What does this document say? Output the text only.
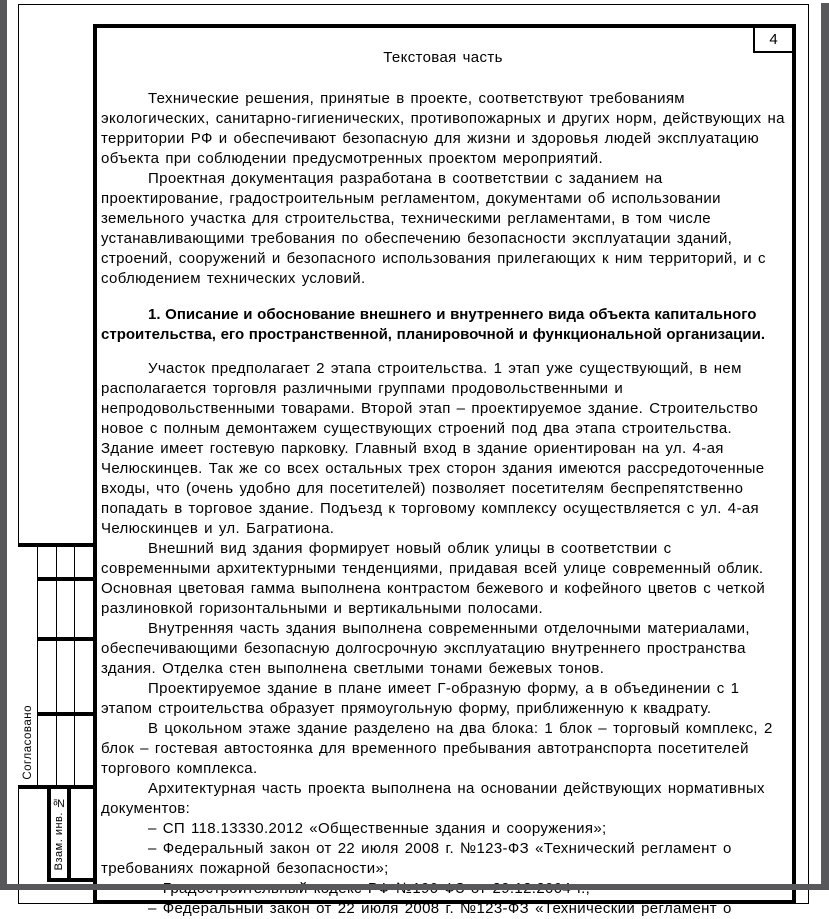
4
Согласовано
Взам. инв. №
Текстовая часть

Технические решения, принятые в проекте, соответствуют требованиям экологических, санитарно-гигиенических, противопожарных и других норм, действующих на территории РФ и обеспечивают безопасную для жизни и здоровья людей эксплуатацию объекта при соблюдении предусмотренных проектом мероприятий.

Проектная документация разработана в соответствии с заданием на проектирование, градостроительным регламентом, документами об использовании земельного участка для строительства, техническими регламентами, в том числе устанавливающими требования по обеспечению безопасности эксплуатации зданий, строений, сооружений и безопасного использования прилегающих к ним территорий, и с соблюдением технических условий.

1. Описание и обоснование внешнего и внутреннего вида объекта капитального строительства, его пространственной, планировочной и функциональной организации.

Участок предполагает 2 этапа строительства. 1 этап уже существующий, в нем располагается торговля различными группами продовольственными и непродовольственными товарами. Второй этап – проектируемое здание. Строительство новое с полным демонтажем существующих строений под два этапа строительства. Здание имеет гостевую парковку. Главный вход в здание ориентирован на ул. 4-ая Челюскинцев. Так же со всех остальных трех сторон здания имеются рассредоточенные входы, что (очень удобно для посетителей) позволяет посетителям беспрепятственно попадать в торговое здание. Подъезд к торговому комплексу осуществляется с ул. 4-ая Челюскинцев и ул. Багратиона.

Внешний вид здания формирует новый облик улицы в соответствии с современными архитектурными тенденциями, придавая всей улице современный облик. Основная цветовая гамма выполнена контрастом бежевого и кофейного цветов с четкой разлиновкой горизонтальными и вертикальными полосами.

Внутренняя часть здания выполнена современными отделочными материалами, обеспечивающими безопасную долгосрочную эксплуатацию внутреннего пространства здания. Отделка стен выполнена светлыми тонами бежевых тонов.

Проектируемое здание в плане имеет Г-образную форму, а в объединении с 1 этапом строительства образует прямоугольную форму, приближенную к квадрату.

В цокольном этаже здание разделено на два блока: 1 блок – торговый комплекс, 2 блок – гостевая автостоянка для временного пребывания автотранспорта посетителей торгового комплекса.

Архитектурная часть проекта выполнена на основании действующих нормативных документов:

– СП 118.13330.2012 «Общественные здания и сооружения»;

– Федеральный закон от 22 июля 2008 г. №123-ФЗ «Технический регламент о требованиях пожарной безопасности»;

– Федеральный закон от 22 июля 2008 г. №123-ФЗ «Технический регламент о
